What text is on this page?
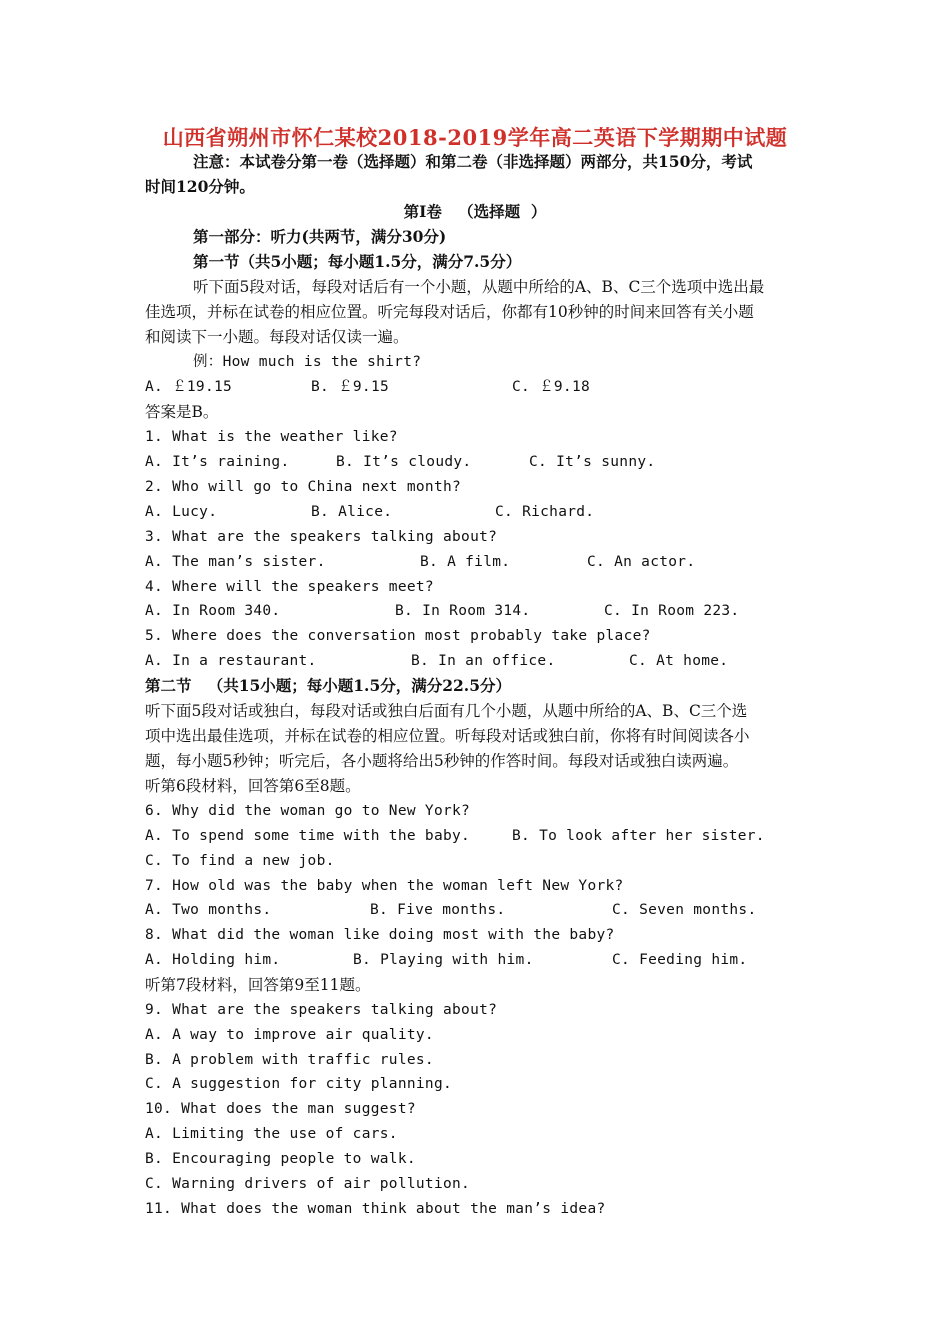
山西省朔州市怀仁某校2018-2019学年高二英语下学期期中试题
注意：本试卷分第一卷（选择题）和第二卷（非选择题）两部分，共150分，考试
时间120分钟。
第Ⅰ卷   （选择题  ）
第一部分：听力(共两节，满分30分)
第一节（共5小题；每小题1.5分，满分7.5分）
听下面5段对话，每段对话后有一个小题，从题中所给的A、B、C三个选项中选出最
佳选项，并标在试卷的相应位置。听完每段对话后，你都有10秒钟的时间来回答有关小题
和阅读下一小题。每段对话仅读一遍。
例：How much is the shirt?
A. ￡19.15	B. ￡9.15	C. ￡9.18
答案是B。
1. What is the weather like?
A. It’s raining.	B. It’s cloudy.	C. It’s sunny.
2. Who will go to China next month?
A. Lucy.	B. Alice.	C. Richard.
3. What are the speakers talking about?
A. The man’s sister.	B. A film.	C. An actor.
4. Where will the speakers meet?
A. In Room 340.	B. In Room 314.	C. In Room 223.
5. Where does the conversation most probably take place?
A. In a restaurant.	B. In an office.	C. At home.
第二节   （共15小题；每小题1.5分，满分22.5分）
听下面5段对话或独白，每段对话或独白后面有几个小题，从题中所给的A、B、C三个选
项中选出最佳选项，并标在试卷的相应位置。听每段对话或独白前，你将有时间阅读各小
题，每小题5秒钟；听完后，各小题将给出5秒钟的作答时间。每段对话或独白读两遍。
听第6段材料，回答第6至8题。
6. Why did the woman go to New York?
A. To spend some time with the baby.	B. To look after her sister.
C. To find a new job.
7. How old was the baby when the woman left New York?
A. Two months.	B. Five months.	C. Seven months.
8. What did the woman like doing most with the baby?
A. Holding him.	B. Playing with him.	C. Feeding him.
听第7段材料，回答第9至11题。
9. What are the speakers talking about?
A. A way to improve air quality.
B. A problem with traffic rules.
C. A suggestion for city planning.
10. What does the man suggest?
A. Limiting the use of cars.
B. Encouraging people to walk.
C. Warning drivers of air pollution.
11. What does the woman think about the man’s idea?
